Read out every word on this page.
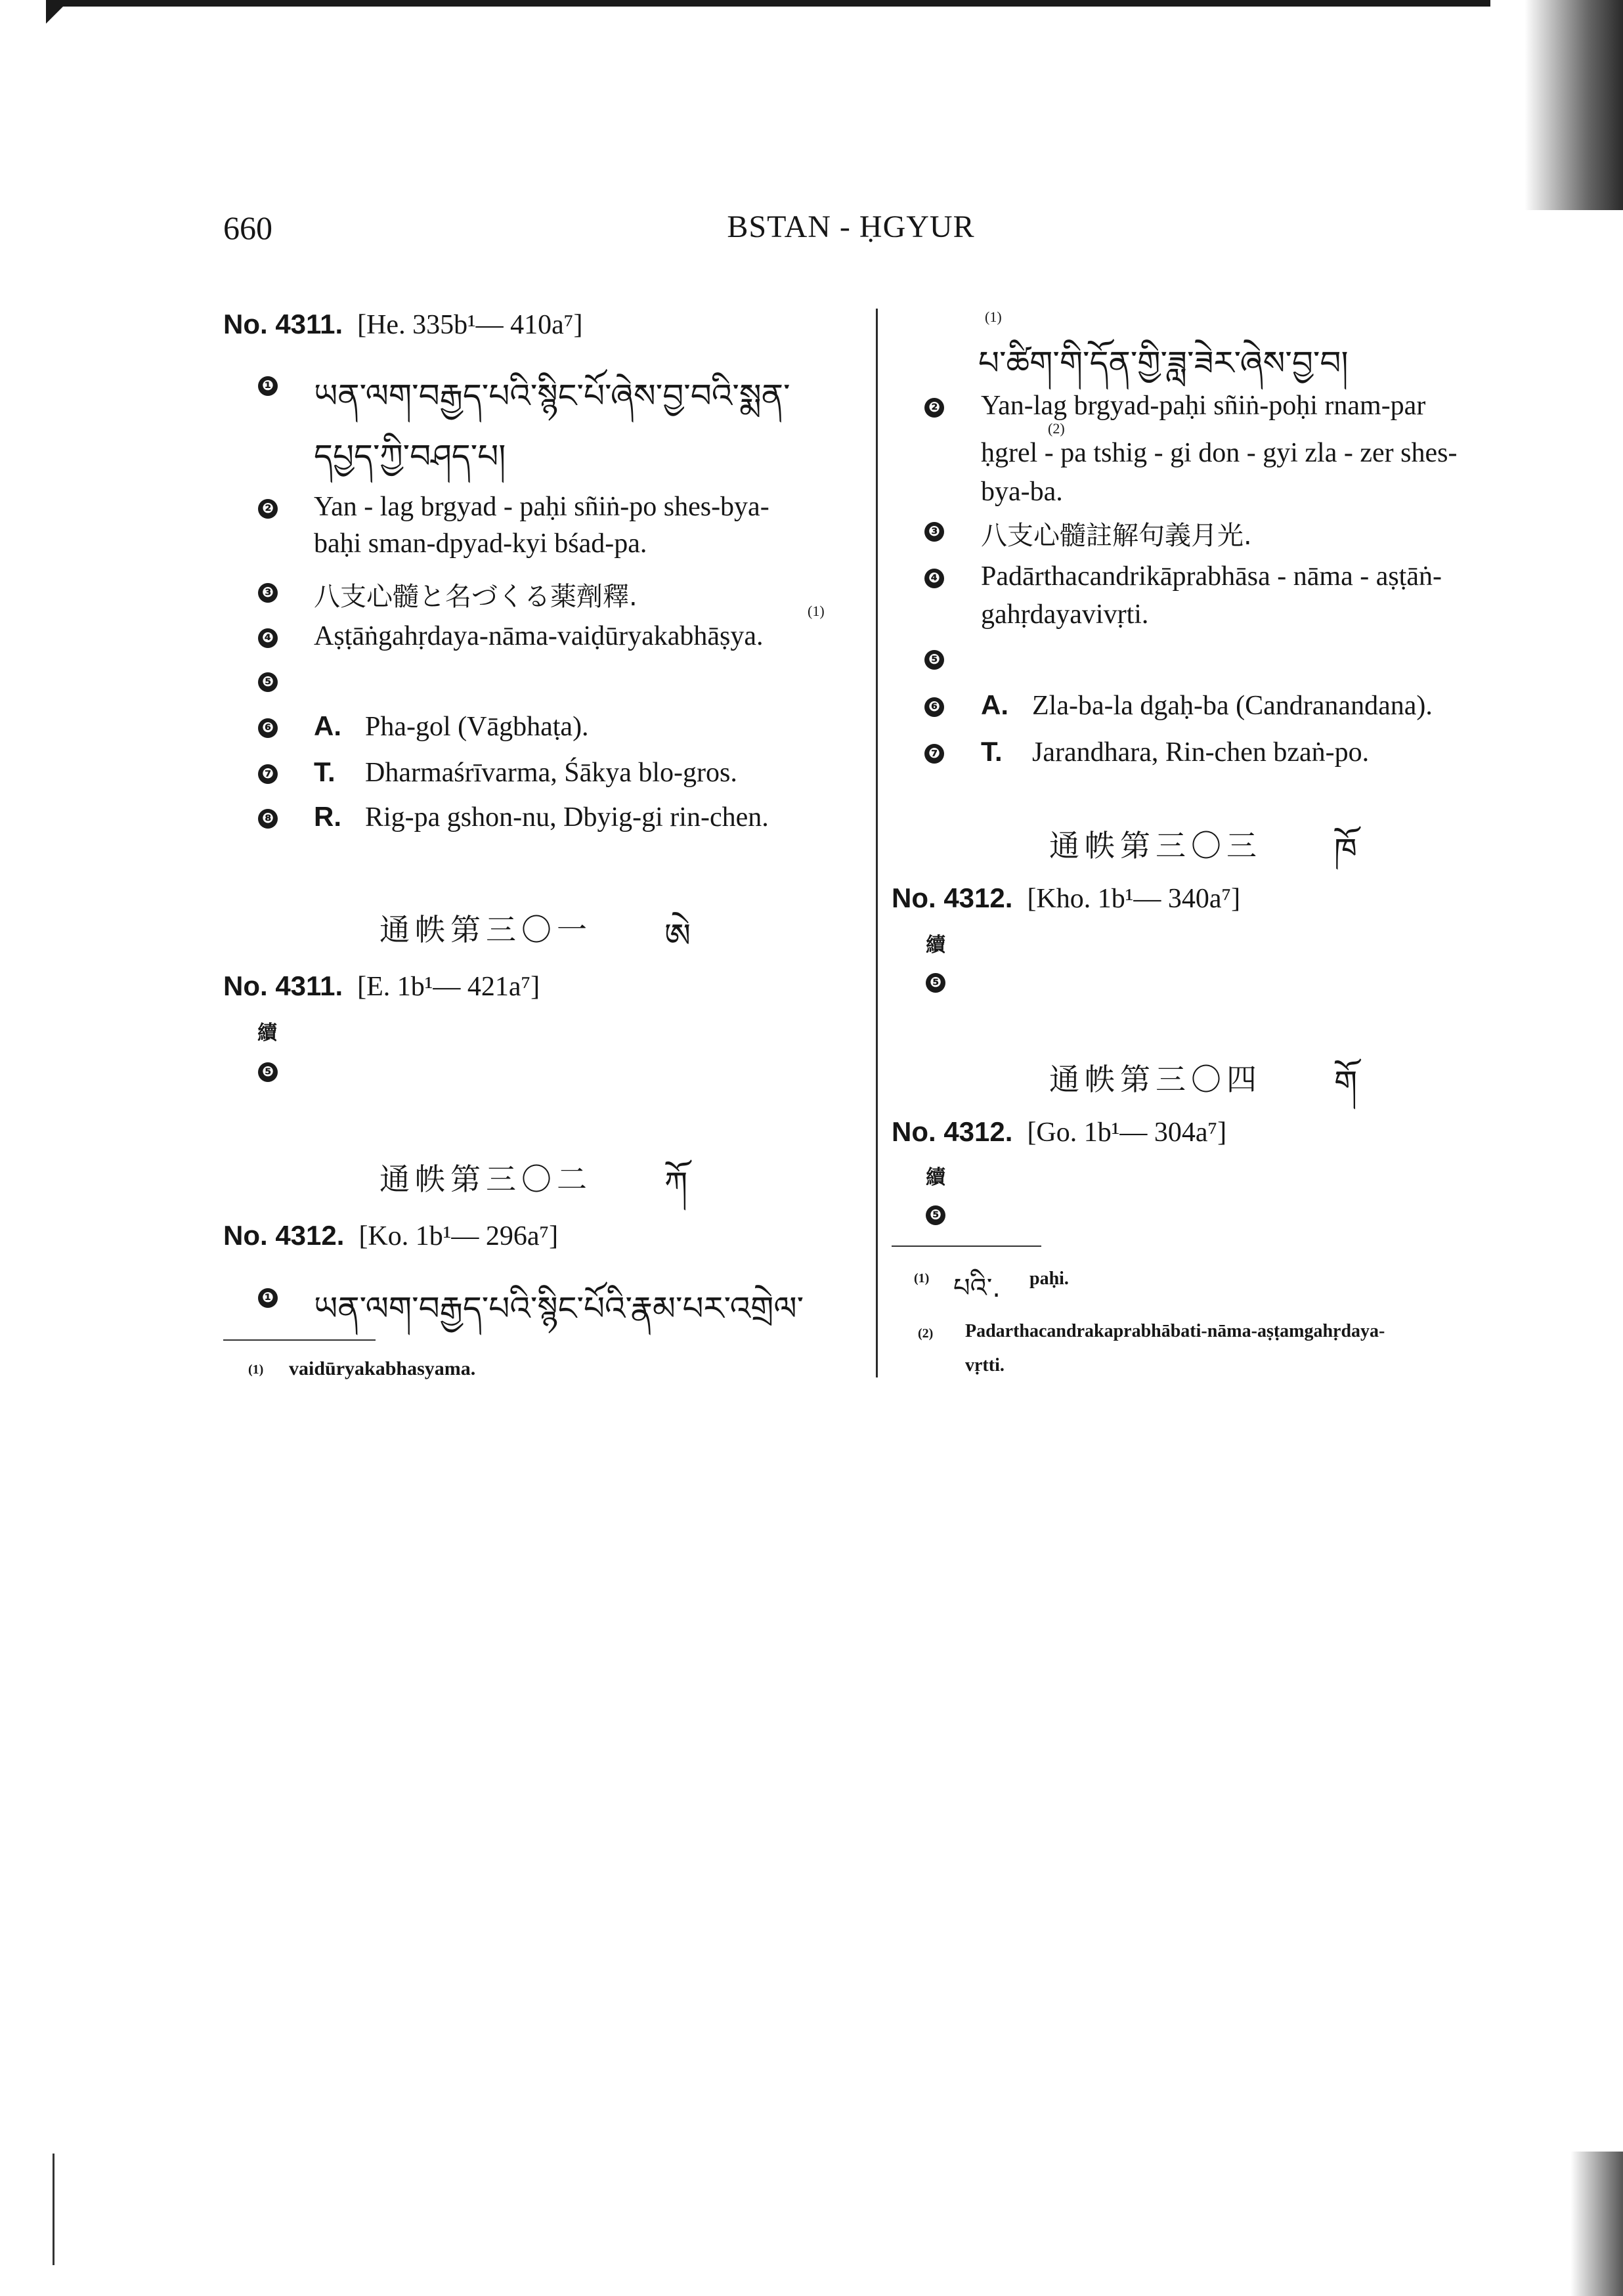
660	BSTAN - ḤGYUR
No. 4311. [He. 335b¹— 410a⁷]
❶ ཡན་ལག་བརྒྱད་པའི་སྙིང་པོ་ཞེས་བྱ་བའི་སྨན་
དཔྱད་ཀྱི་བཤད་པ།
❷ Yan - lag brgyad - paḥi sñiṅ-po shes-bya-
baḥi sman-dpyad-kyi bśad-pa.
❸ 八支心髓と名づくる薬劑釋.	(1)
❹ Aṣṭāṅgahṛdaya-nāma-vaiḍūryakabhāṣya.
❺
❻ A. Pha-gol (Vāgbhaṭa).
❼ T. Dharmaśrīvarma, Śākya blo-gros.
❽ R. Rig-pa gshon-nu, Dbyig-gi rin-chen.
通帙第三〇一 ཨེ
No. 4311. [E. 1b¹— 421a⁷]
續
❺
通帙第三〇二 ཀོ
No. 4312. [Ko. 1b¹— 296a⁷]
❶ ཡན་ལག་བརྒྱད་པའི་སྙིང་པོའི་རྣམ་པར་འགྲེལ་
(1) vaidūryakabhasyama.
(1)
པ་ཚིག་གི་དོན་གྱི་ཟླ་ཟེར་ཞེས་བྱ་བ།
❷ Yan-lag brgyad-paḥi sñiṅ-poḥi rnam-par
(2)
ḥgrel - pa tshig - gi don - gyi zla - zer shes-
bya-ba.
❸ 八支心髓註解句義月光.
❹ Padārthacandrikāprabhāsa - nāma - aṣṭāṅ-
gahṛdayavivṛti.
❺
❻ A. Zla-ba-la dgaḥ-ba (Candranandana).
❼ T. Jarandhara, Rin-chen bzaṅ-po.
通帙第三〇三 ཁོ
No. 4312. [Kho. 1b¹— 340a⁷]
續
❺
通帙第三〇四 གོ
No. 4312. [Go. 1b¹— 304a⁷]
續
❺
(1) པའི་. paḥi.
(2) Padarthacandrakaprabhābati-nāma-aṣṭamgahṛdaya-
vṛtti.
